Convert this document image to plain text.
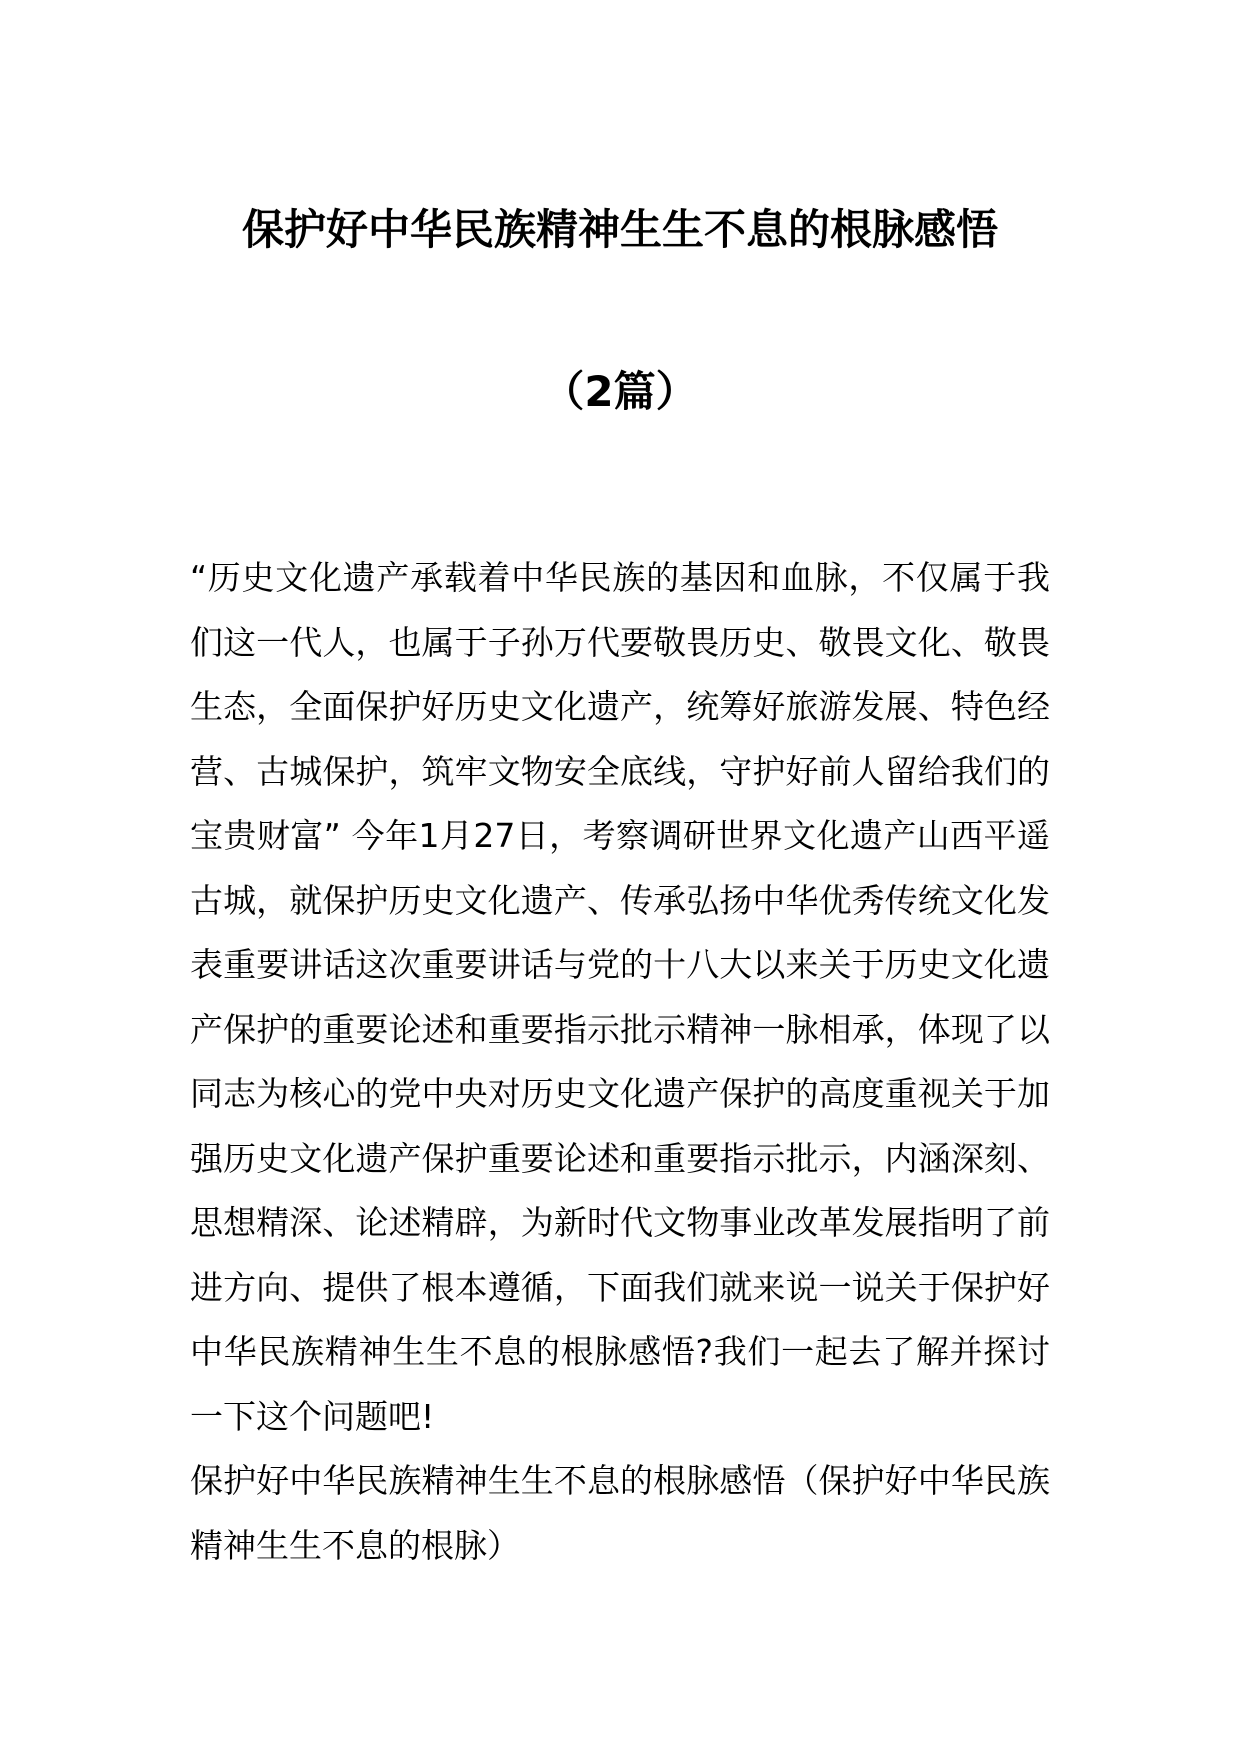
保护好中华民族精神生生不息的根脉感悟
（2篇）

“历史文化遗产承载着中华民族的基因和血脉，不仅属于我们这一代人，也属于子孙万代要敬畏历史、敬畏文化、敬畏生态，全面保护好历史文化遗产，统筹好旅游发展、特色经营、古城保护，筑牢文物安全底线，守护好前人留给我们的宝贵财富” 今年1月27日，考察调研世界文化遗产山西平遥古城，就保护历史文化遗产、传承弘扬中华优秀传统文化发表重要讲话这次重要讲话与党的十八大以来关于历史文化遗产保护的重要论述和重要指示批示精神一脉相承，体现了以同志为核心的党中央对历史文化遗产保护的高度重视关于加强历史文化遗产保护重要论述和重要指示批示，内涵深刻、思想精深、论述精辟，为新时代文物事业改革发展指明了前进方向、提供了根本遵循，下面我们就来说一说关于保护好中华民族精神生生不息的根脉感悟?我们一起去了解并探讨一下这个问题吧!

保护好中华民族精神生生不息的根脉感悟（保护好中华民族精神生生不息的根脉）
